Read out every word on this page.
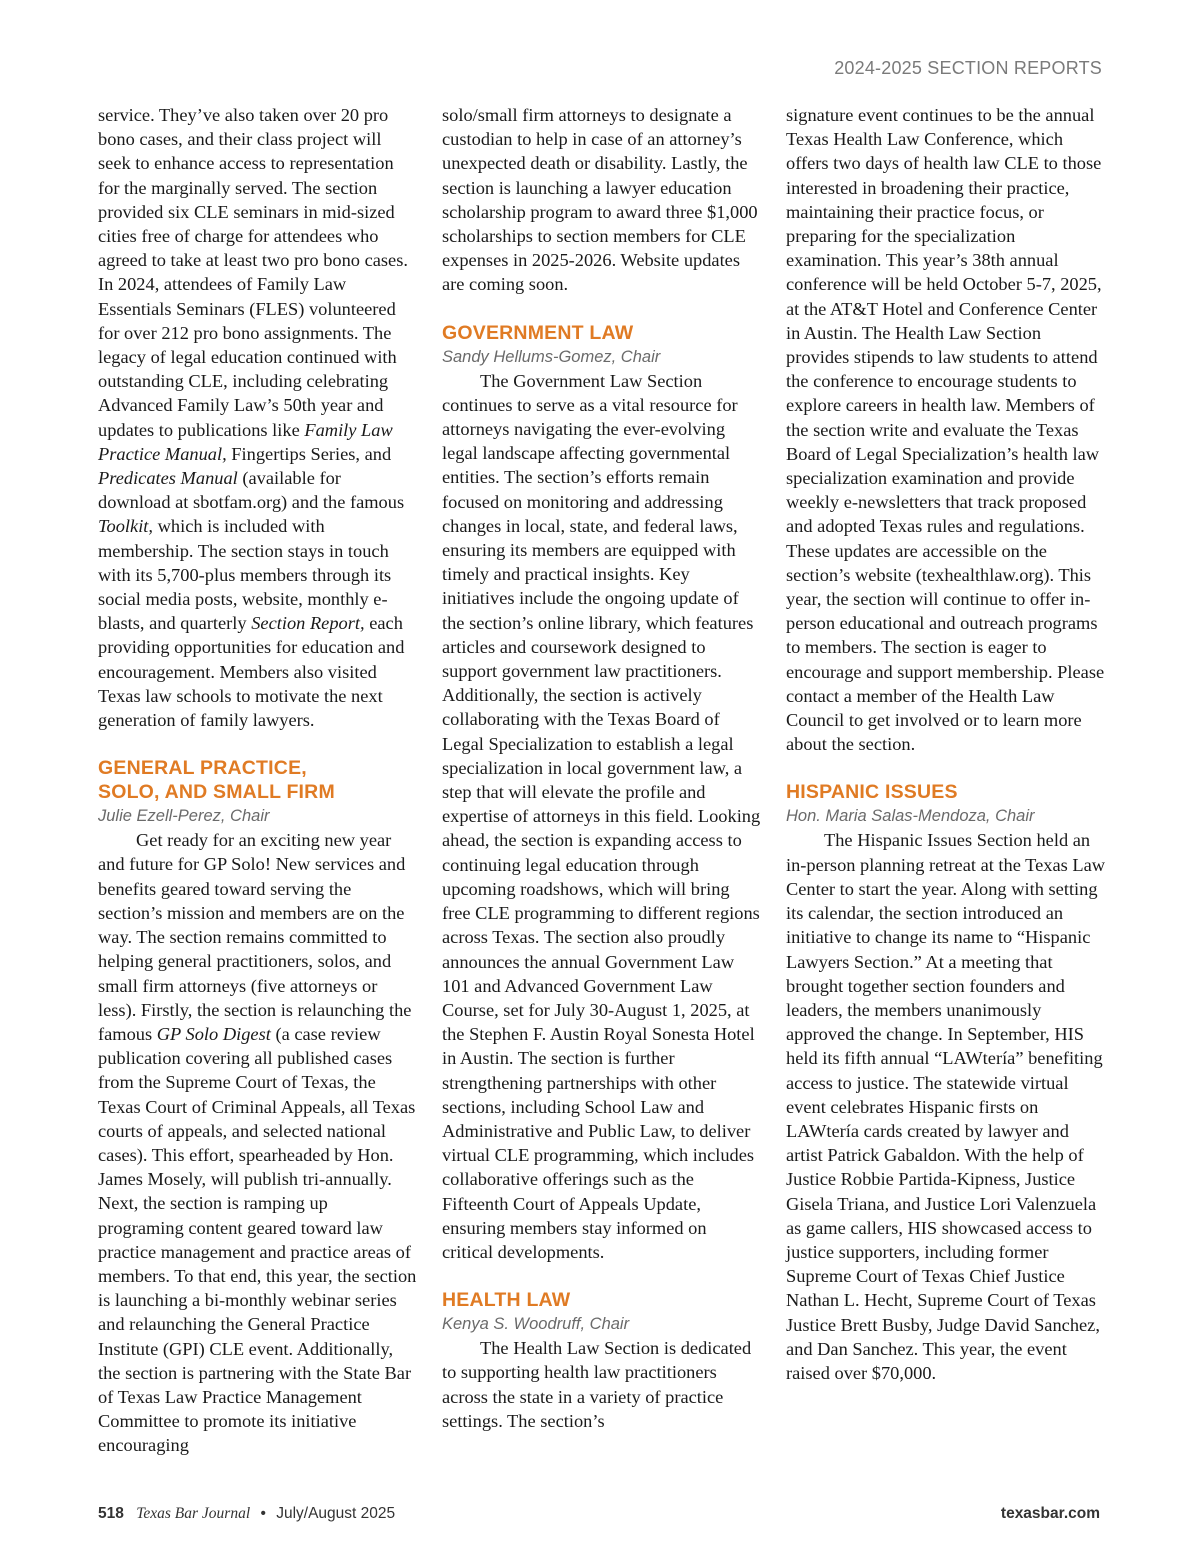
2024-2025 SECTION REPORTS

service. They’ve also taken over 20 pro bono cases, and their class project will seek to enhance access to representation for the marginally served. The section provided six CLE seminars in mid-sized cities free of charge for attendees who agreed to take at least two pro bono cases. In 2024, attendees of Family Law Essentials Seminars (FLES) volunteered for over 212 pro bono assignments. The legacy of legal education continued with outstanding CLE, including celebrating Advanced Family Law’s 50th year and updates to publications like Family Law Practice Manual, Fingertips Series, and Predicates Manual (available for download at sbotfam.org) and the famous Toolkit, which is included with membership. The section stays in touch with its 5,700-plus members through its social media posts, website, monthly e-blasts, and quarterly Section Report, each providing opportunities for education and encouragement. Members also visited Texas law schools to motivate the next generation of family lawyers.

GENERAL PRACTICE,
SOLO, AND SMALL FIRM

Julie Ezell-Perez, Chair

Get ready for an exciting new year and future for GP Solo! New services and benefits geared toward serving the section’s mission and members are on the way. The section remains committed to helping general practitioners, solos, and small firm attorneys (five attorneys or less). Firstly, the section is relaunching the famous GP Solo Digest (a case review publication covering all published cases from the Supreme Court of Texas, the Texas Court of Criminal Appeals, all Texas courts of appeals, and selected national cases). This effort, spearheaded by Hon. James Mosely, will publish tri-annually. Next, the section is ramping up programing content geared toward law practice management and practice areas of members. To that end, this year, the section is launching a bi-monthly webinar series and relaunching the General Practice Institute (GPI) CLE event. Additionally, the section is partnering with the State Bar of Texas Law Practice Management Committee to promote its initiative encouraging

solo/small firm attorneys to designate a custodian to help in case of an attorney’s unexpected death or disability. Lastly, the section is launching a lawyer education scholarship program to award three $1,000 scholarships to section members for CLE expenses in 2025-2026. Website updates are coming soon.

GOVERNMENT LAW

Sandy Hellums-Gomez, Chair

The Government Law Section continues to serve as a vital resource for attorneys navigating the ever-evolving legal landscape affecting governmental entities. The section’s efforts remain focused on monitoring and addressing changes in local, state, and federal laws, ensuring its members are equipped with timely and practical insights. Key initiatives include the ongoing update of the section’s online library, which features articles and coursework designed to support government law practitioners. Additionally, the section is actively collaborating with the Texas Board of Legal Specialization to establish a legal specialization in local government law, a step that will elevate the profile and expertise of attorneys in this field. Looking ahead, the section is expanding access to continuing legal education through upcoming roadshows, which will bring free CLE programming to different regions across Texas. The section also proudly announces the annual Government Law 101 and Advanced Government Law Course, set for July 30-August 1, 2025, at the Stephen F. Austin Royal Sonesta Hotel in Austin. The section is further strengthening partnerships with other sections, including School Law and Administrative and Public Law, to deliver virtual CLE programming, which includes collaborative offerings such as the Fifteenth Court of Appeals Update, ensuring members stay informed on critical developments.

HEALTH LAW

Kenya S. Woodruff, Chair

The Health Law Section is dedicated to supporting health law practitioners across the state in a variety of practice settings. The section’s

signature event continues to be the annual Texas Health Law Conference, which offers two days of health law CLE to those interested in broadening their practice, maintaining their practice focus, or preparing for the specialization examination. This year’s 38th annual conference will be held October 5-7, 2025, at the AT&T Hotel and Conference Center in Austin. The Health Law Section provides stipends to law students to attend the conference to encourage students to explore careers in health law. Members of the section write and evaluate the Texas Board of Legal Specialization’s health law specialization examination and provide weekly e-newsletters that track proposed and adopted Texas rules and regulations. These updates are accessible on the section’s website (texhealthlaw.org). This year, the section will continue to offer in-person educational and outreach programs to members. The section is eager to encourage and support membership. Please contact a member of the Health Law Council to get involved or to learn more about the section.

HISPANIC ISSUES

Hon. Maria Salas-Mendoza, Chair

The Hispanic Issues Section held an in-person planning retreat at the Texas Law Center to start the year. Along with setting its calendar, the section introduced an initiative to change its name to “Hispanic Lawyers Section.” At a meeting that brought together section founders and leaders, the members unanimously approved the change. In September, HIS held its fifth annual “LAWtería” benefiting access to justice. The statewide virtual event celebrates Hispanic firsts on LAWtería cards created by lawyer and artist Patrick Gabaldon. With the help of Justice Robbie Partida-Kipness, Justice Gisela Triana, and Justice Lori Valenzuela as game callers, HIS showcased access to justice supporters, including former Supreme Court of Texas Chief Justice Nathan L. Hecht, Supreme Court of Texas Justice Brett Busby, Judge David Sanchez, and Dan Sanchez. This year, the event raised over $70,000.

518 Texas Bar Journal • July/August 2025	texasbar.com
